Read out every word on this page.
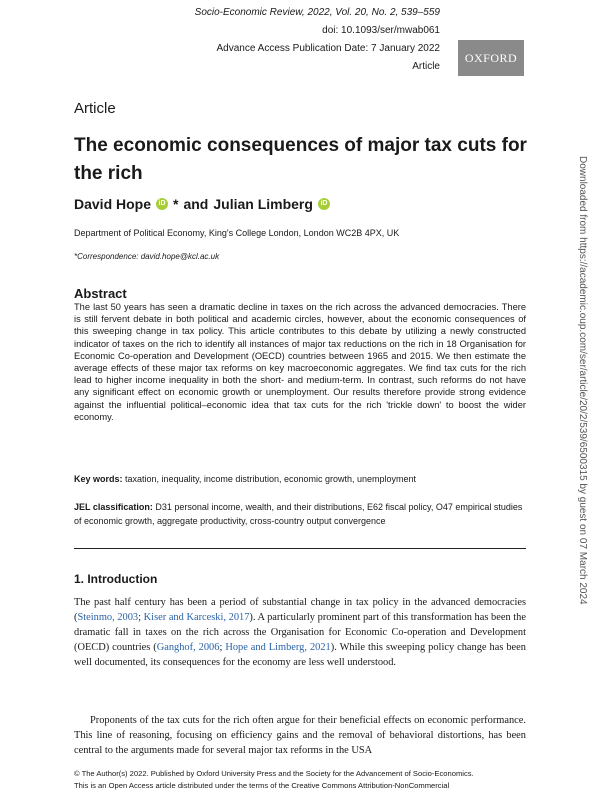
Socio-Economic Review, 2022, Vol. 20, No. 2, 539–559
doi: 10.1093/ser/mwab061
Advance Access Publication Date: 7 January 2022
Article
OXFORD
Article
The economic consequences of major tax cuts for the rich
David Hope	iD * and Julian Limberg	iD
Department of Political Economy, King's College London, London WC2B 4PX, UK
*Correspondence: david.hope@kcl.ac.uk
Abstract

The last 50 years has seen a dramatic decline in taxes on the rich across the advanced democracies. There is still fervent debate in both political and academic circles, however, about the economic consequences of this sweeping change in tax policy. This article contributes to this debate by utilizing a newly constructed indicator of taxes on the rich to identify all instances of major tax reductions on the rich in 18 Organisation for Economic Co-operation and Development (OECD) countries between 1965 and 2015. We then estimate the average effects of these major tax reforms on key macroeconomic aggregates. We find tax cuts for the rich lead to higher income inequality in both the short- and medium-term. In contrast, such reforms do not have any significant effect on economic growth or unemployment. Our results therefore provide strong evidence against the influential political–economic idea that tax cuts for the rich 'trickle down' to boost the wider economy.

Key words: taxation, inequality, income distribution, economic growth, unemployment
JEL classification: D31 personal income, wealth, and their distributions, E62 fiscal policy, O47 empirical studies of economic growth, aggregate productivity, cross-country output convergence
1. Introduction

The past half century has been a period of substantial change in tax policy in the advanced democracies (Steinmo, 2003; Kiser and Karceski, 2017). A particularly prominent part of this transformation has been the dramatic fall in taxes on the rich across the Organisation for Economic Co-operation and Development (OECD) countries (Ganghof, 2006; Hope and Limberg, 2021). While this sweeping policy change has been well documented, its consequences for the economy are less well understood.

Proponents of the tax cuts for the rich often argue for their beneficial effects on economic performance. This line of reasoning, focusing on efficiency gains and the removal of behavioral distortions, has been central to the arguments made for several major tax reforms in the USA

© The Author(s) 2022. Published by Oxford University Press and the Society for the Advancement of Socio-Economics.
This is an Open Access article distributed under the terms of the Creative Commons Attribution-NonCommercial
Downloaded from https://academic.oup.com/ser/article/20/2/539/6500315 by guest on 07 March 2024
